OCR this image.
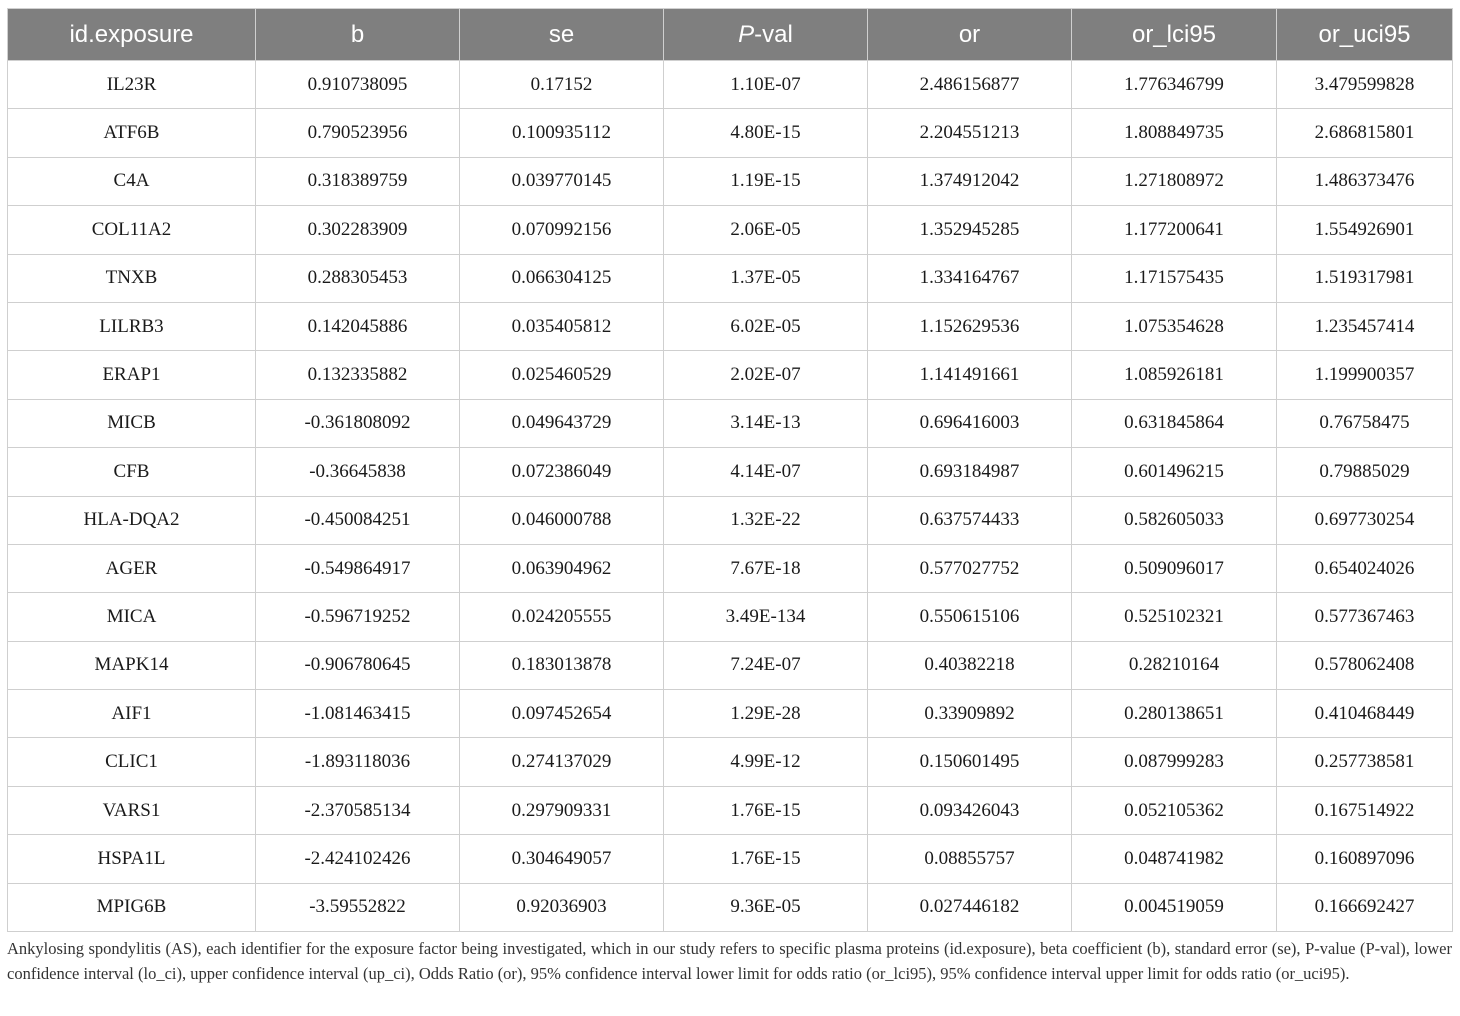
id.exposure	b	se	P-val	or	or_lci95	or_uci95
IL23R	0.910738095	0.17152	1.10E-07	2.486156877	1.776346799	3.479599828
ATF6B	0.790523956	0.100935112	4.80E-15	2.204551213	1.808849735	2.686815801
C4A	0.318389759	0.039770145	1.19E-15	1.374912042	1.271808972	1.486373476
COL11A2	0.302283909	0.070992156	2.06E-05	1.352945285	1.177200641	1.554926901
TNXB	0.288305453	0.066304125	1.37E-05	1.334164767	1.171575435	1.519317981
LILRB3	0.142045886	0.035405812	6.02E-05	1.152629536	1.075354628	1.235457414
ERAP1	0.132335882	0.025460529	2.02E-07	1.141491661	1.085926181	1.199900357
MICB	-0.361808092	0.049643729	3.14E-13	0.696416003	0.631845864	0.76758475
CFB	-0.36645838	0.072386049	4.14E-07	0.693184987	0.601496215	0.79885029
HLA-DQA2	-0.450084251	0.046000788	1.32E-22	0.637574433	0.582605033	0.697730254
AGER	-0.549864917	0.063904962	7.67E-18	0.577027752	0.509096017	0.654024026
MICA	-0.596719252	0.024205555	3.49E-134	0.550615106	0.525102321	0.577367463
MAPK14	-0.906780645	0.183013878	7.24E-07	0.40382218	0.28210164	0.578062408
AIF1	-1.081463415	0.097452654	1.29E-28	0.33909892	0.280138651	0.410468449
CLIC1	-1.893118036	0.274137029	4.99E-12	0.150601495	0.087999283	0.257738581
VARS1	-2.370585134	0.297909331	1.76E-15	0.093426043	0.052105362	0.167514922
HSPA1L	-2.424102426	0.304649057	1.76E-15	0.08855757	0.048741982	0.160897096
MPIG6B	-3.59552822	0.92036903	9.36E-05	0.027446182	0.004519059	0.166692427
Ankylosing spondylitis (AS), each identifier for the exposure factor being investigated, which in our study refers to specific plasma proteins (id.exposure), beta coefficient (b), standard error (se), P-value (P-val), lower confidence interval (lo_ci), upper confidence interval (up_ci), Odds Ratio (or), 95% confidence interval lower limit for odds ratio (or_lci95), 95% confidence interval upper limit for odds ratio (or_uci95).
